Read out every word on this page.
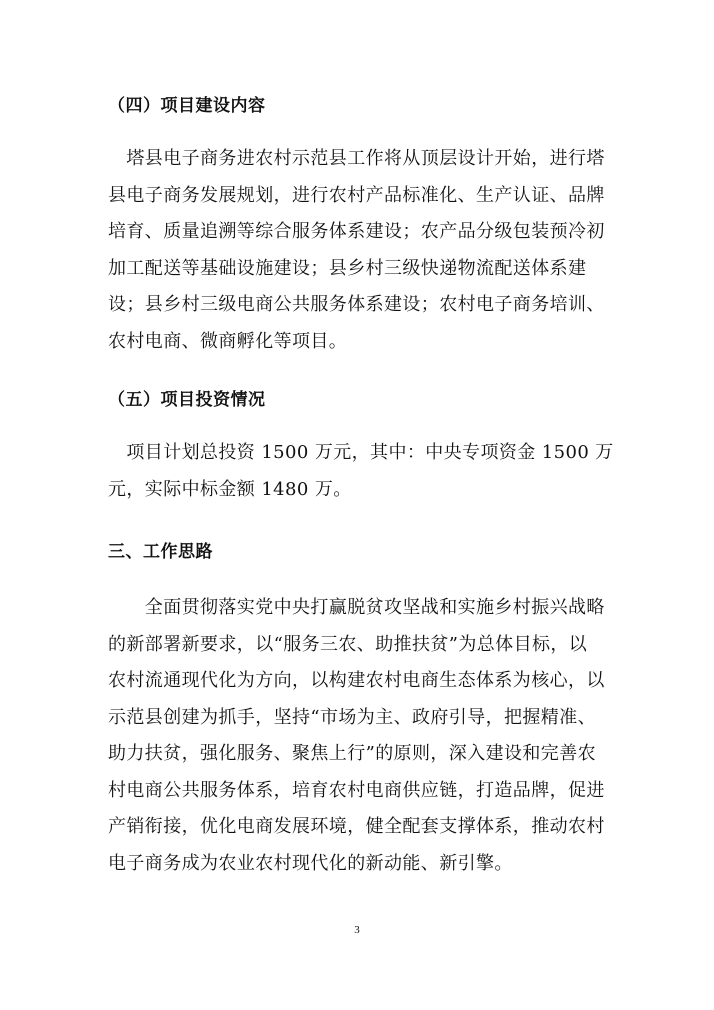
（四）项目建设内容

　塔县电子商务进农村示范县工作将从顶层设计开始，进行塔

县电子商务发展规划，进行农村产品标准化、生产认证、品牌

培育、质量追溯等综合服务体系建设；农产品分级包装预冷初

加工配送等基础设施建设；县乡村三级快递物流配送体系建

设；县乡村三级电商公共服务体系建设；农村电子商务培训、

农村电商、微商孵化等项目。

（五）项目投资情况

　项目计划总投资 1500 万元，其中：中央专项资金 1500 万

元，实际中标金额 1480 万。

三、工作思路

　　全面贯彻落实党中央打赢脱贫攻坚战和实施乡村振兴战略

的新部署新要求，以“服务三农、助推扶贫”为总体目标，以

农村流通现代化为方向，以构建农村电商生态体系为核心，以

示范县创建为抓手，坚持“市场为主、政府引导，把握精准、

助力扶贫，强化服务、聚焦上行”的原则，深入建设和完善农

村电商公共服务体系，培育农村电商供应链，打造品牌，促进

产销衔接，优化电商发展环境，健全配套支撑体系，推动农村

电子商务成为农业农村现代化的新动能、新引擎。

3
